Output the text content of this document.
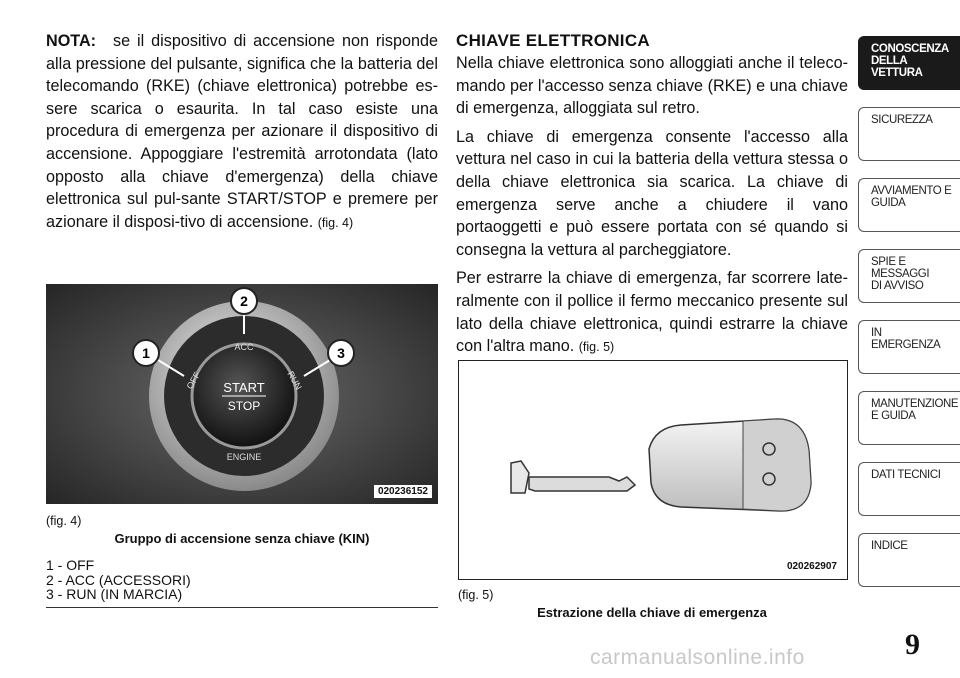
NOTA: se il dispositivo di accensione non risponde alla pressione del pulsante, significa che la batteria del telecomando (RKE) (chiave elettronica) potrebbe es-sere scarica o esaurita. In tal caso esiste una procedura di emergenza per azionare il dispositivo di accensione. Appoggiare l'estremità arrotondata (lato opposto alla chiave d'emergenza) della chiave elettronica sul pul-sante START/STOP e premere per azionare il disposi-tivo di accensione. (fig. 4)

CHIAVE ELETTRONICA

Nella chiave elettronica sono alloggiati anche il teleco-mando per l'accesso senza chiave (RKE) e una chiave di emergenza, alloggiata sul retro.

La chiave di emergenza consente l'accesso alla vettura nel caso in cui la batteria della vettura stessa o della chiave elettronica sia scarica. La chiave di emergenza serve anche a chiudere il vano portaoggetti e può essere portata con sé quando si consegna la vettura al parcheggiatore.

Per estrarre la chiave di emergenza, far scorrere late-ralmente con il pollice il fermo meccanico presente sul lato della chiave elettronica, quindi estrarre la chiave con l'altra mano. (fig. 5)

START
STOP
ACC
OFF	RUN
ENGINE
2
1	3
020236152
(fig. 4)
Gruppo di accensione senza chiave (KIN)
1 - OFF
2 - ACC (ACCESSORI)
3 - RUN (IN MARCIA)
020262907
(fig. 5)
Estrazione della chiave di emergenza
CONOSCENZA
DELLA VETTURA
SICUREZZA
AVVIAMENTO E
GUIDA
SPIE E
MESSAGGI
DI AVVISO
IN
EMERGENZA
MANUTENZIONE
E GUIDA
DATI TECNICI
INDICE
9
carmanualsonline.info
